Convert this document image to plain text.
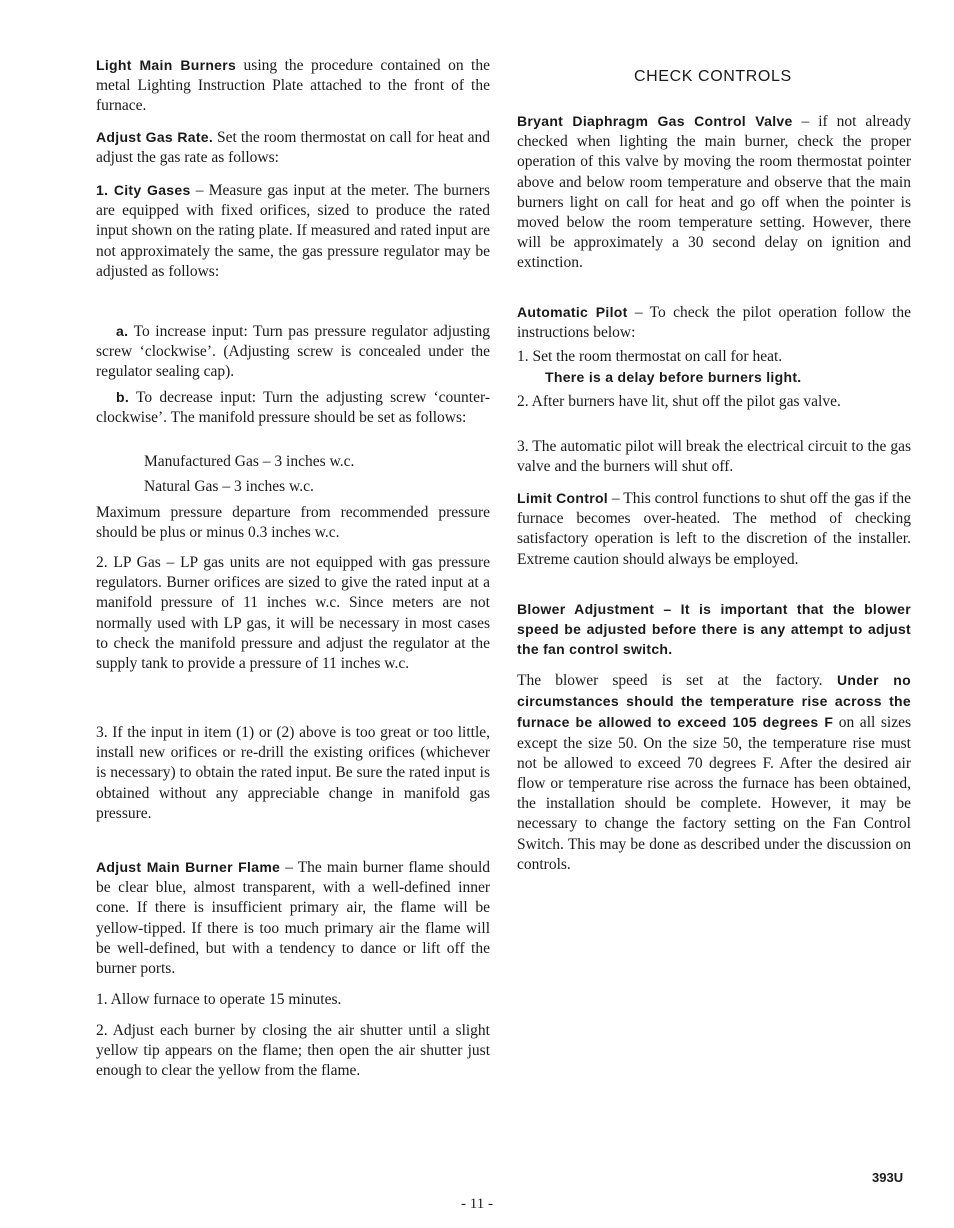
Light Main Burners using the procedure contained on the metal Lighting Instruction Plate attached to the front of the furnace.

Adjust Gas Rate. Set the room thermostat on call for heat and adjust the gas rate as follows:

1. City Gases – Measure gas input at the meter. The burners are equipped with fixed orifices, sized to produce the rated input shown on the rating plate. If measured and rated input are not approximately the same, the gas pressure regulator may be adjusted as follows:

a. To increase input: Turn pas pressure regulator adjusting screw ‘clockwise’. (Adjusting screw is concealed under the regulator sealing cap).

b. To decrease input: Turn the adjusting screw ‘counter-clockwise’. The manifold pressure should be set as follows:

Manufactured Gas – 3 inches w.c.

Natural Gas – 3 inches w.c.

Maximum pressure departure from recommended pressure should be plus or minus 0.3 inches w.c.

2. LP Gas – LP gas units are not equipped with gas pressure regulators. Burner orifices are sized to give the rated input at a manifold pressure of 11 inches w.c. Since meters are not normally used with LP gas, it will be necessary in most cases to check the manifold pressure and adjust the regulator at the supply tank to provide a pressure of 11 inches w.c.

3. If the input in item (1) or (2) above is too great or too little, install new orifices or re-drill the existing orifices (whichever is necessary) to obtain the rated input. Be sure the rated input is obtained without any appreciable change in manifold gas pressure.

Adjust Main Burner Flame – The main burner flame should be clear blue, almost transparent, with a well-defined inner cone. If there is insufficient primary air, the flame will be yellow-tipped. If there is too much primary air the flame will be well-defined, but with a tendency to dance or lift off the burner ports.

1. Allow furnace to operate 15 minutes.

2. Adjust each burner by closing the air shutter until a slight yellow tip appears on the flame; then open the air shutter just enough to clear the yellow from the flame.

CHECK CONTROLS

Bryant Diaphragm Gas Control Valve – if not already checked when lighting the main burner, check the proper operation of this valve by moving the room thermostat pointer above and below room temperature and observe that the main burners light on call for heat and go off when the pointer is moved below the room temperature setting. However, there will be approximately a 30 second delay on ignition and extinction.

Automatic Pilot – To check the pilot operation follow the instructions below:

1. Set the room thermostat on call for heat.

There is a delay before burners light.

2. After burners have lit, shut off the pilot gas valve.

3. The automatic pilot will break the electrical circuit to the gas valve and the burners will shut off.

Limit Control – This control functions to shut off the gas if the furnace becomes over-heated. The method of checking satisfactory operation is left to the discretion of the installer. Extreme caution should always be employed.

Blower Adjustment – It is important that the blower speed be adjusted before there is any attempt to adjust the fan control switch.

The blower speed is set at the factory. Under no circumstances should the temperature rise across the furnace be allowed to exceed 105 degrees F on all sizes except the size 50. On the size 50, the temperature rise must not be allowed to exceed 70 degrees F. After the desired air flow or temperature rise across the furnace has been obtained, the installation should be complete. However, it may be necessary to change the factory setting on the Fan Control Switch. This may be done as described under the discussion on controls.

393U
- 11 -
